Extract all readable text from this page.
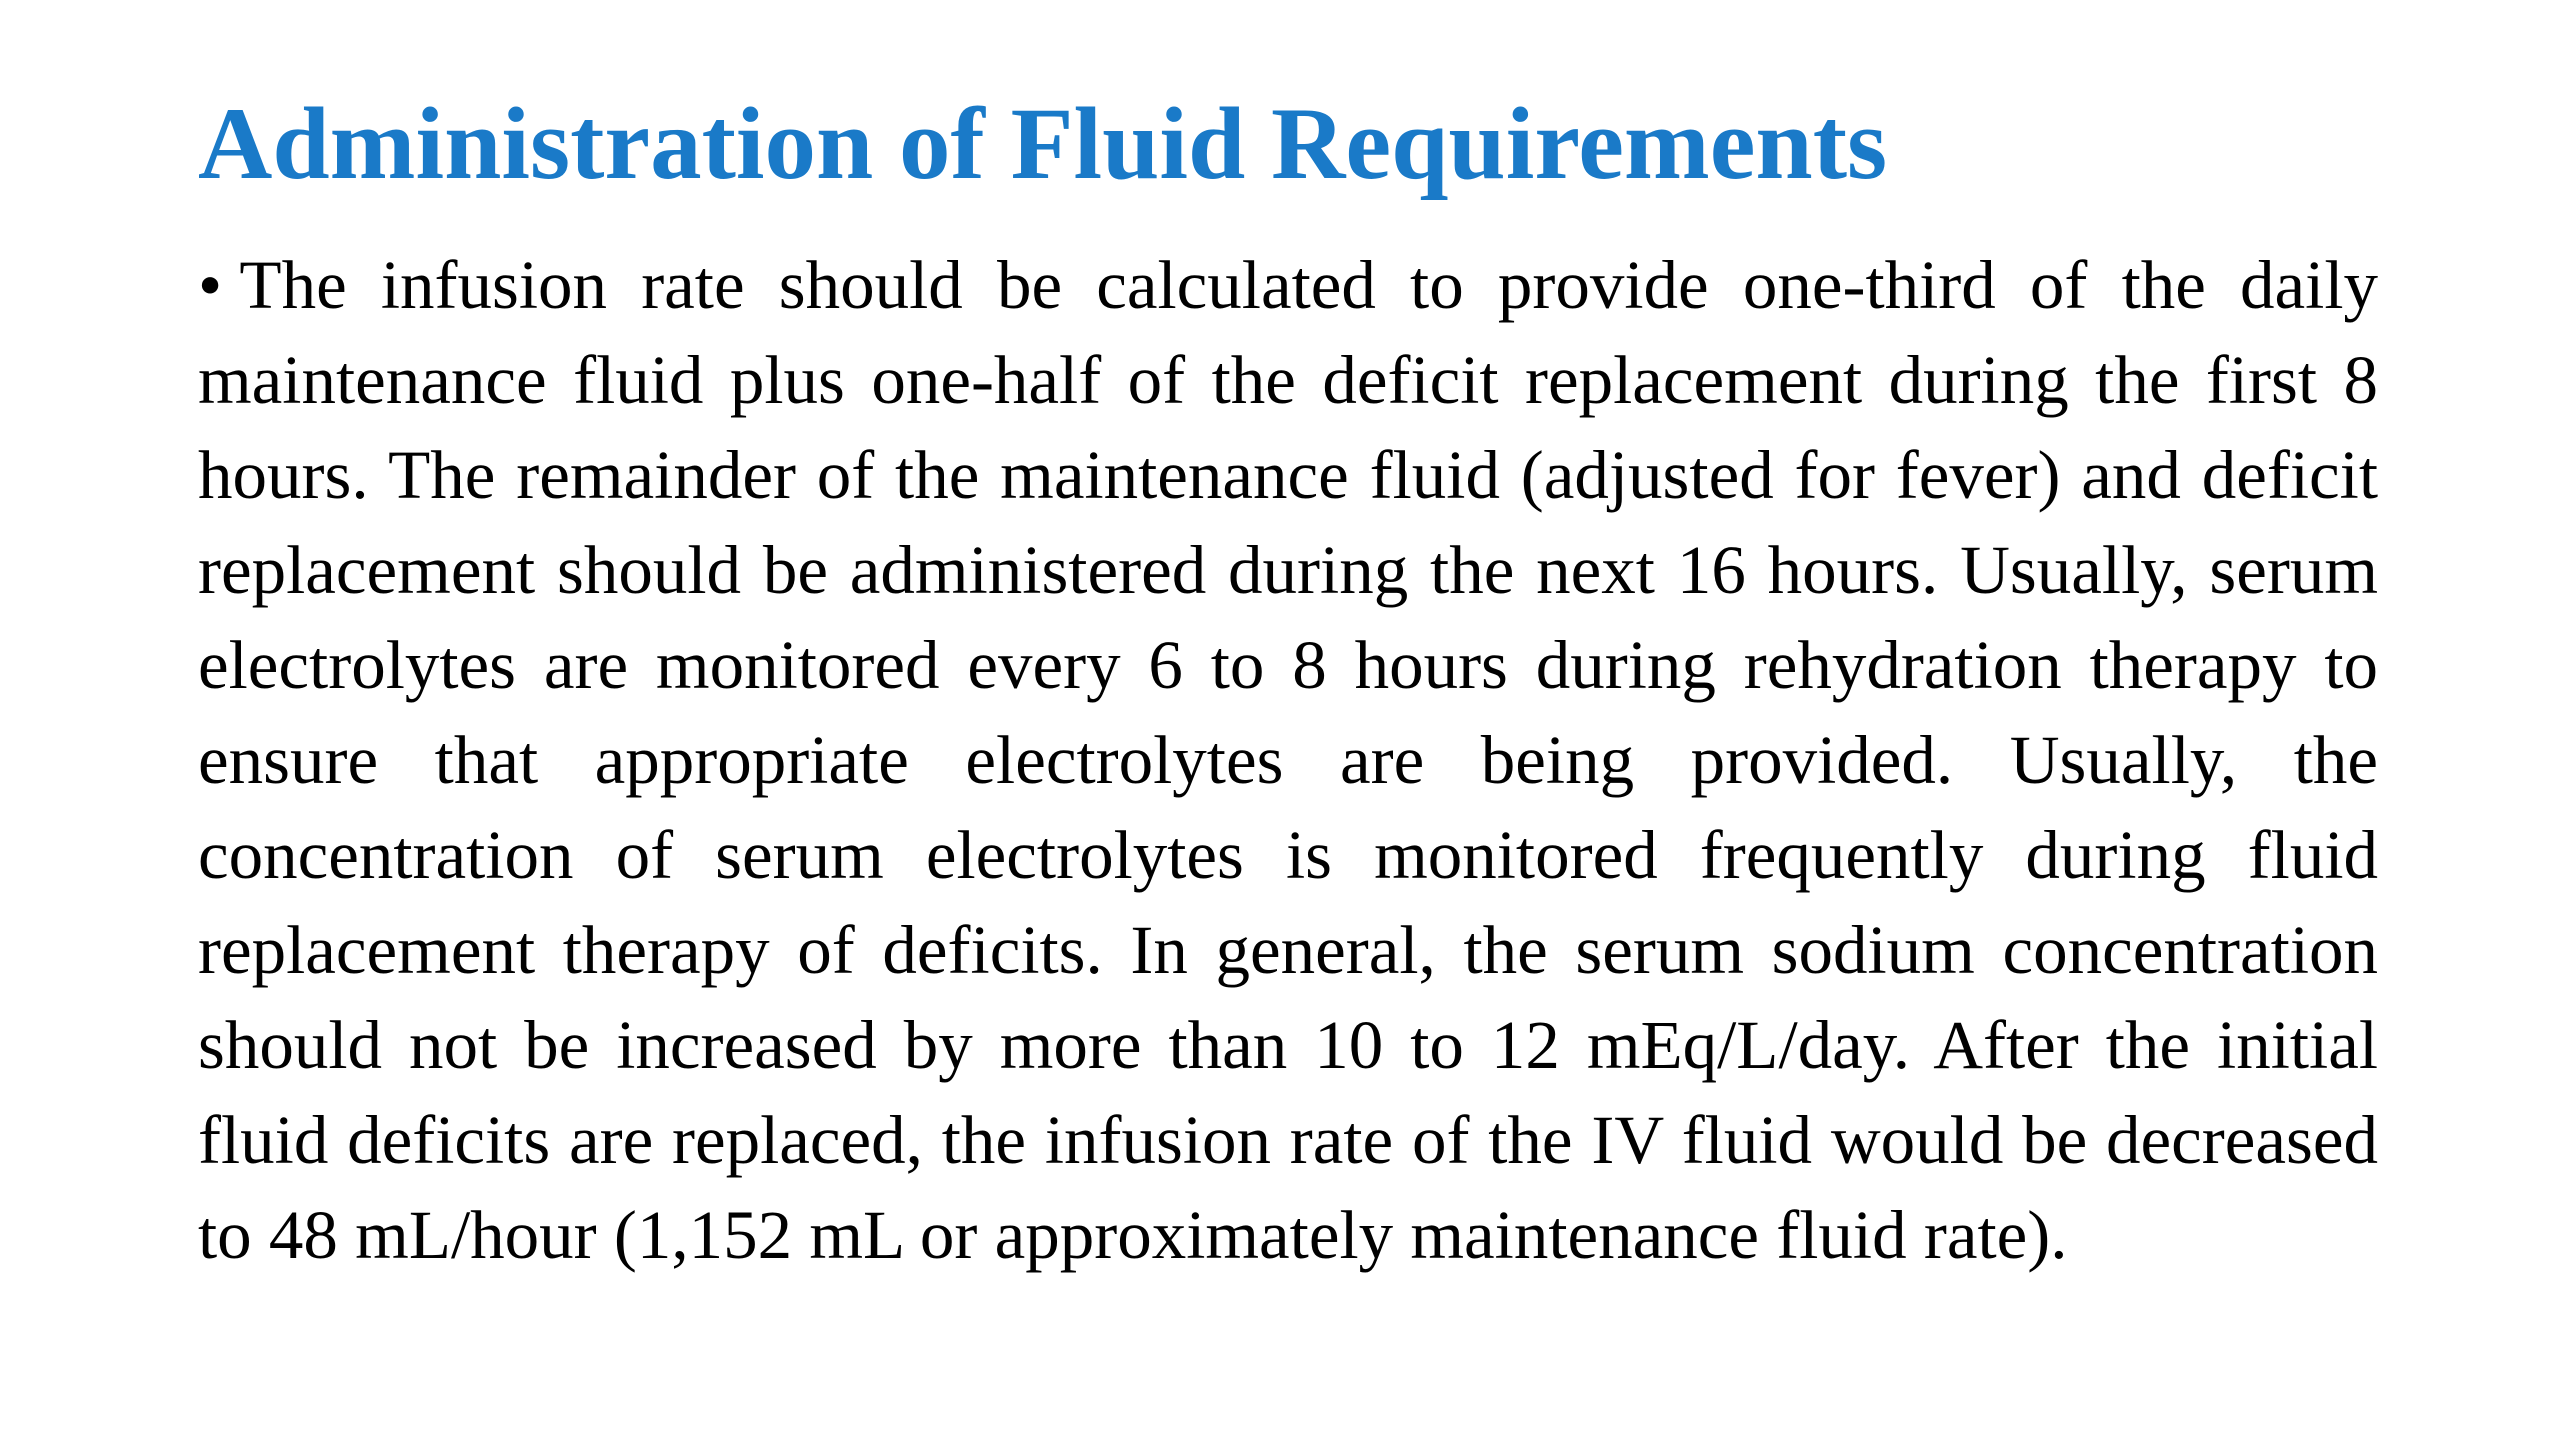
Administration of Fluid Requirements

• The infusion rate should be calculated to provide one-third of the daily maintenance fluid plus one-half of the deficit replacement during the first 8 hours. The remainder of the maintenance fluid (adjusted for fever) and deficit replacement should be administered during the next 16 hours. Usually, serum electrolytes are monitored every 6 to 8 hours during rehydration therapy to ensure that appropriate electrolytes are being provided. Usually, the concentration of serum electrolytes is monitored frequently during fluid replacement therapy of deficits. In general, the serum sodium concentration should not be increased by more than 10 to 12 mEq/L/day. After the initial fluid deficits are replaced, the infusion rate of the IV fluid would be decreased to 48 mL/hour (1,152 mL or approximately maintenance fluid rate).
